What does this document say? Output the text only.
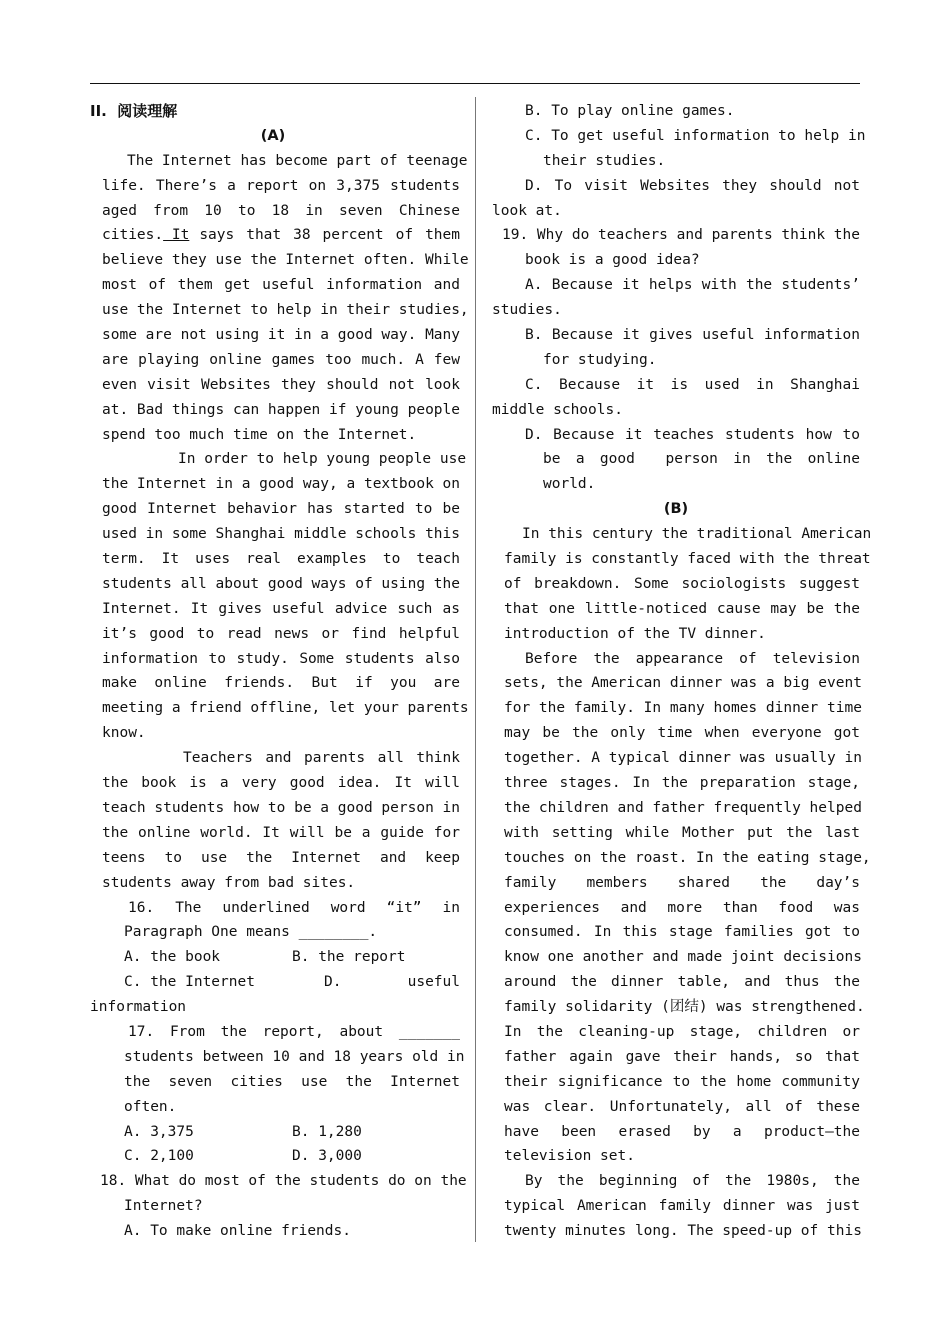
II.  阅读理解
(A)
The Internet has become part of teenage
life. There’s a report on 3,375 students
aged from 10 to 18 in seven Chinese
cities. It says that 38 percent of them
believe they use the Internet often. While
most of them get useful information and
use the Internet to help in their studies,
some are not using it in a good way. Many
are playing online games too much. A few
even visit Websites they should not look
at. Bad things can happen if young people
spend too much time on the Internet.
In order to help young people use
the Internet in a good way, a textbook on
good Internet behavior has started to be
used in some Shanghai middle schools this
term. It uses real examples to teach
students all about good ways of using the
Internet. It gives useful advice such as
it’s good to read news or find helpful
information to study. Some students also
make online friends. But if you are
meeting a friend offline, let your parents
know.
Teachers and parents all think
the book is a very good idea. It will
teach students how to be a good person in
the online world. It will be a guide for
teens to use the Internet and keep
students away from bad sites.
16. The underlined word “it” in
Paragraph One means ________.
A. the book	B. the report
C. the Internet	D. useful
information
17. From the report, about _______
students between 10 and 18 years old in
the seven cities use the Internet
often.
A. 3,375	B. 1,280
C. 2,100	D. 3,000
18. What do most of the students do on the
Internet?
A. To make online friends.
B. To play online games.
C. To get useful information to help in
their studies.
D. To visit Websites they should not
look at.
19. Why do teachers and parents think the
book is a good idea?
A. Because it helps with the students’
studies.
B. Because it gives useful information
for studying.
C. Because it is used in Shanghai
middle schools.
D. Because it teaches students how to
be a good  person in the online
world.
(B)
In this century the traditional American
family is constantly faced with the threat
of breakdown. Some sociologists suggest
that one little-noticed cause may be the
introduction of the TV dinner.
Before the appearance of television
sets, the American dinner was a big event
for the family. In many homes dinner time
may be the only time when everyone got
together. A typical dinner was usually in
three stages. In the preparation stage,
the children and father frequently helped
with setting while Mother put the last
touches on the roast. In the eating stage,
family members shared the day’s
experiences and more than food was
consumed. In this stage families got to
know one another and made joint decisions
around the dinner table, and thus the
family solidarity (团结) was strengthened.
In the cleaning-up stage, children or
father again gave their hands, so that
their significance to the home community
was clear. Unfortunately, all of these
have been erased by a product—the
television set.
By the beginning of the 1980s, the
typical American family dinner was just
twenty minutes long. The speed-up of this
